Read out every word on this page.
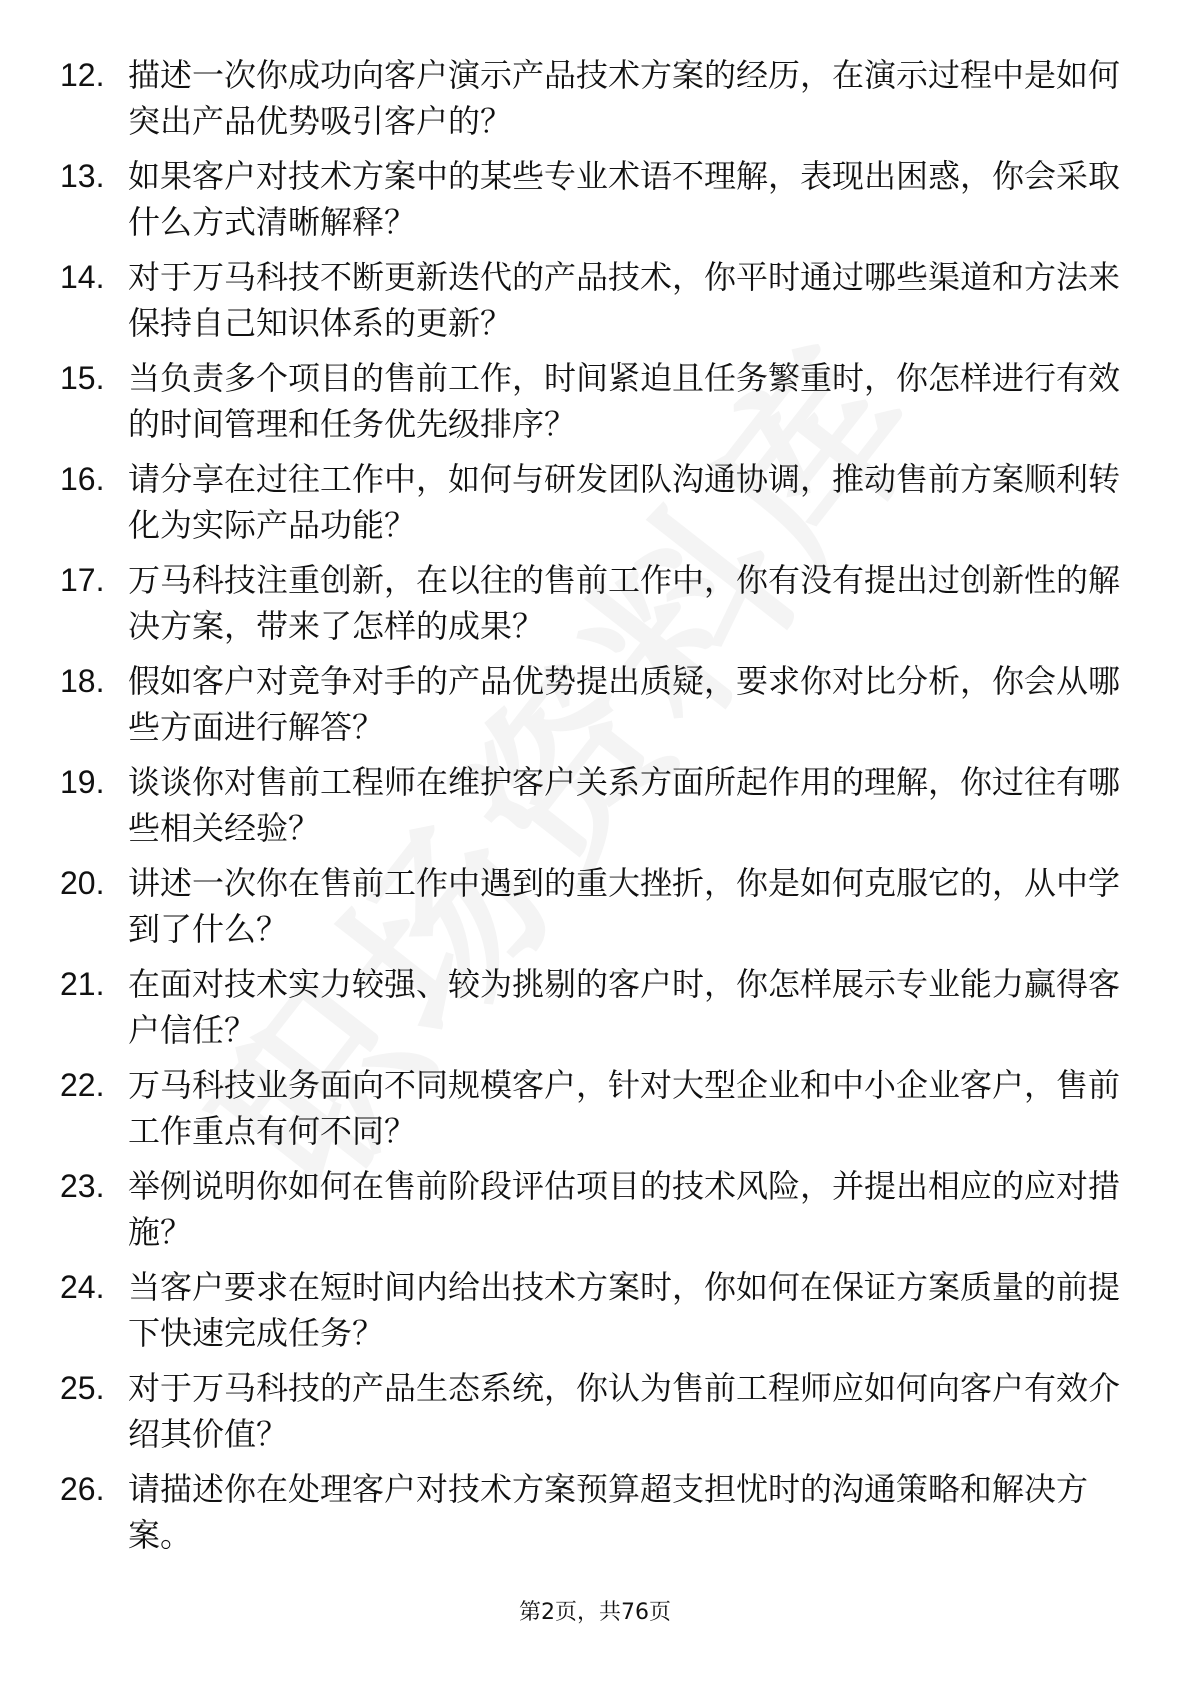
12. 描述一次你成功向客户演示产品技术方案的经历，在演示过程中是如何突出产品优势吸引客户的？
13. 如果客户对技术方案中的某些专业术语不理解，表现出困惑，你会采取什么方式清晰解释？
14. 对于万马科技不断更新迭代的产品技术，你平时通过哪些渠道和方法来保持自己知识体系的更新？
15. 当负责多个项目的售前工作，时间紧迫且任务繁重时，你怎样进行有效的时间管理和任务优先级排序？
16. 请分享在过往工作中，如何与研发团队沟通协调，推动售前方案顺利转化为实际产品功能？
17. 万马科技注重创新，在以往的售前工作中，你有没有提出过创新性的解决方案，带来了怎样的成果？
18. 假如客户对竞争对手的产品优势提出质疑，要求你对比分析，你会从哪些方面进行解答？
19. 谈谈你对售前工程师在维护客户关系方面所起作用的理解，你过往有哪些相关经验？
20. 讲述一次你在售前工作中遇到的重大挫折，你是如何克服它的，从中学到了什么？
21. 在面对技术实力较强、较为挑剔的客户时，你怎样展示专业能力赢得客户信任？
22. 万马科技业务面向不同规模客户，针对大型企业和中小企业客户，售前工作重点有何不同？
23. 举例说明你如何在售前阶段评估项目的技术风险，并提出相应的应对措施？
24. 当客户要求在短时间内给出技术方案时，你如何在保证方案质量的前提下快速完成任务？
25. 对于万马科技的产品生态系统，你认为售前工程师应如何向客户有效介绍其价值？
26. 请描述你在处理客户对技术方案预算超支担忧时的沟通策略和解决方案。
第2页，共76页
